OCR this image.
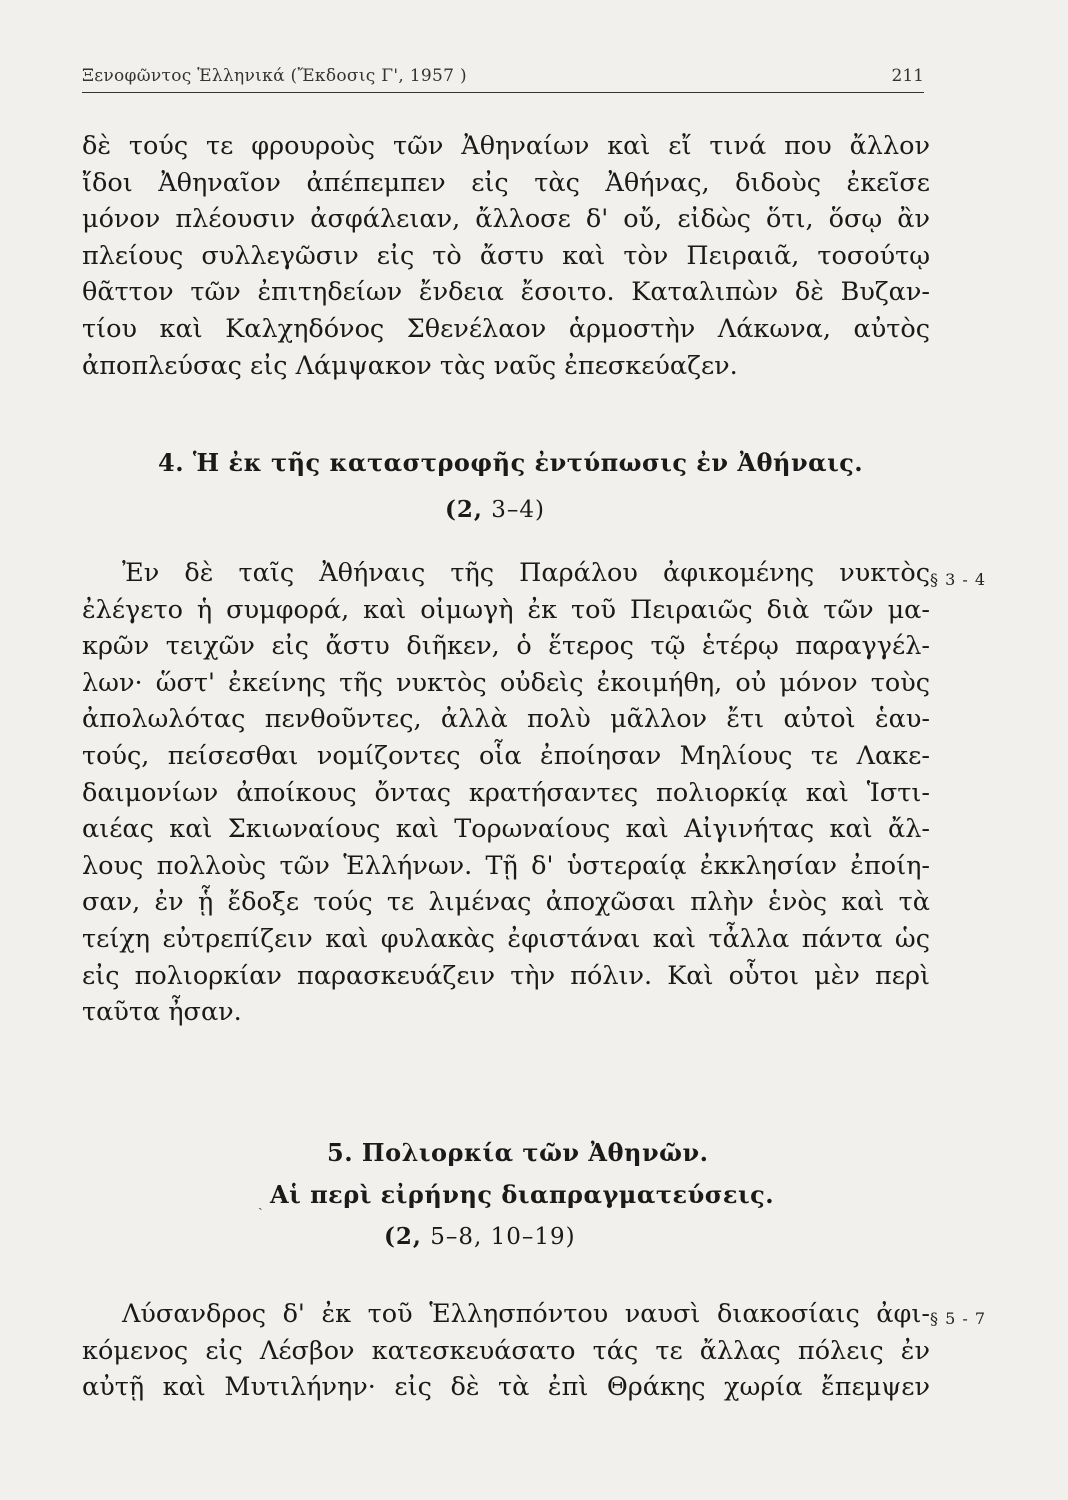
Ξενοφῶντος Ἑλληνικά (Ἔκδοσις Γ', 1957 )	211
δὲ τούς τε φρουροὺς τῶν Ἀθηναίων καὶ εἴ τινά που ἄλλον
ἴδοι Ἀθηναῖον ἀπέπεμπεν εἰς τὰς Ἀθήνας, διδοὺς ἐκεῖσε
μόνον πλέουσιν ἀσφάλειαν, ἄλλοσε δ' οὔ, εἰδὼς ὅτι, ὅσῳ ἂν
πλείους συλλεγῶσιν εἰς τὸ ἄστυ καὶ τὸν Πειραιᾶ, τοσούτῳ
θᾶττον τῶν ἐπιτηδείων ἔνδεια ἔσοιτο. Καταλιπὼν δὲ Βυζαν-
τίου καὶ Καλχηδόνος Σθενέλαον ἁρμοστὴν Λάκωνα, αὐτὸς
ἀποπλεύσας εἰς Λάμψακον τὰς ναῦς ἐπεσκεύαζεν.
4. Ἡ ἐκ τῆς καταστροφῆς ἐντύπωσις ἐν Ἀθήναις.
(2, 3–4)
Ἐν δὲ ταῖς Ἀθήναις τῆς Παράλου ἀφικομένης νυκτὸς
ἐλέγετο ἡ συμφορά, καὶ οἰμωγὴ ἐκ τοῦ Πειραιῶς διὰ τῶν μα-
κρῶν τειχῶν εἰς ἄστυ διῆκεν, ὁ ἕτερος τῷ ἑτέρῳ παραγγέλ-
λων· ὥστ' ἐκείνης τῆς νυκτὸς οὐδεὶς ἐκοιμήθη, οὐ μόνον τοὺς
ἀπολωλότας πενθοῦντες, ἀλλὰ πολὺ μᾶλλον ἔτι αὐτοὶ ἑαυ-
τούς, πείσεσθαι νομίζοντες οἷα ἐποίησαν Μηλίους τε Λακε-
δαιμονίων ἀποίκους ὄντας κρατήσαντες πολιορκίᾳ καὶ Ἱστι-
αιέας καὶ Σκιωναίους καὶ Τορωναίους καὶ Αἰγινήτας καὶ ἄλ-
λους πολλοὺς τῶν Ἑλλήνων. Τῇ δ' ὑστεραίᾳ ἐκκλησίαν ἐποίη-
σαν, ἐν ᾗ ἔδοξε τούς τε λιμένας ἀποχῶσαι πλὴν ἑνὸς καὶ τὰ
τείχη εὐτρεπίζειν καὶ φυλακὰς ἐφιστάναι καὶ τἆλλα πάντα ὡς
εἰς πολιορκίαν παρασκευάζειν τὴν πόλιν. Καὶ οὗτοι μὲν περὶ
ταῦτα ἦσαν.
§ 3 - 4
5. Πολιορκία τῶν Ἀθηνῶν.
ˎ Αἱ περὶ εἰρήνης διαπραγματεύσεις.
(2, 5–8, 10–19)
Λύσανδρος δ' ἐκ τοῦ Ἑλλησπόντου ναυσὶ διακοσίαις ἀφι-
κόμενος εἰς Λέσβον κατεσκευάσατο τάς τε ἄλλας πόλεις ἐν
αὐτῇ καὶ Μυτιλήνην· εἰς δὲ τὰ ἐπὶ Θράκης χωρία ἔπεμψεν
§ 5 - 7
